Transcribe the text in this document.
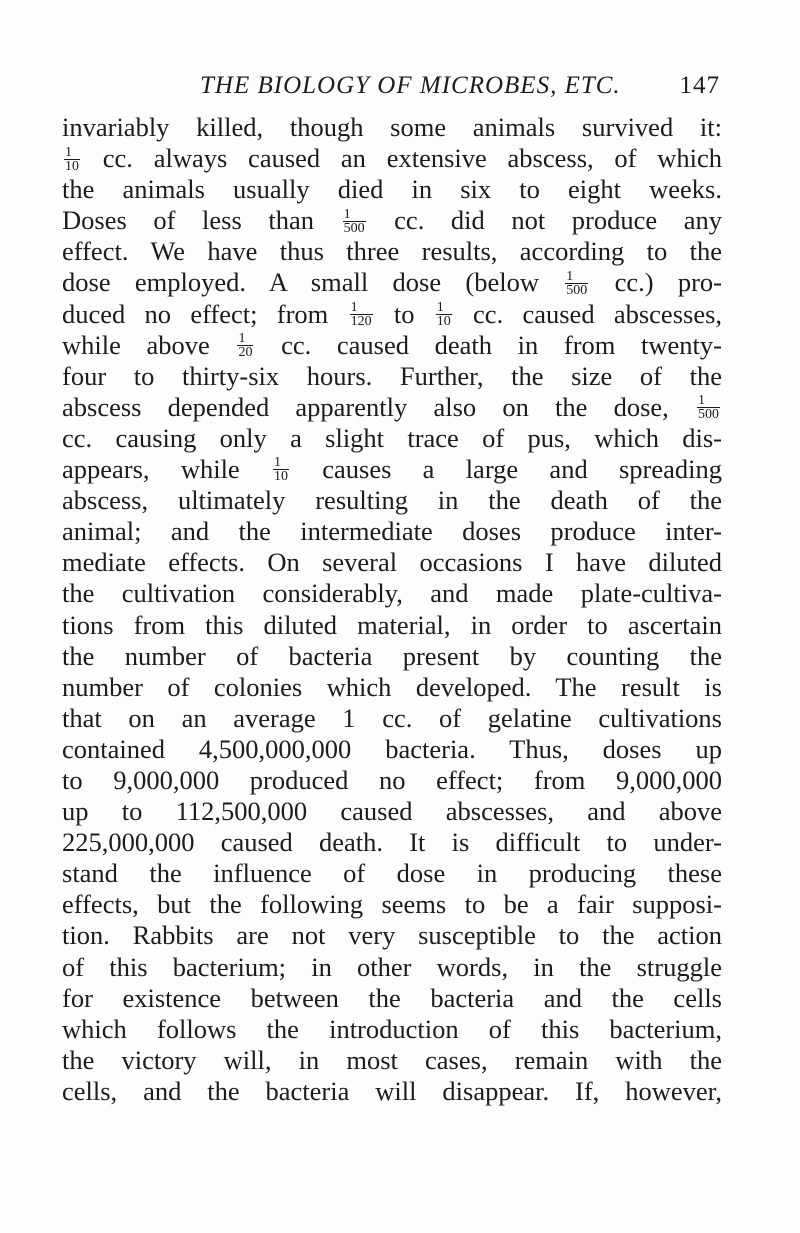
THE BIOLOGY OF MICROBES, ETC. 147
invariably killed, though some animals survived it:
$\frac{1}{10}$ cc. always caused an extensive abscess, of which
the animals usually died in six to eight weeks.
Doses of less than $\frac{1}{500}$ cc. did not produce any
effect. We have thus three results, according to the
dose employed. A small dose (below $\frac{1}{500} cc$.) pro-
duced no effect; from $\frac{1}{120}$ to $\frac{1}{10}$ cc. caused abscesses,
while above $\frac{1}{20}$ cc. caused death in from twenty-
four to thirty-six hours. Further, the size of the
abscess depended apparently also on the dose, $\frac{1}{500}$
cc. causing only a slight trace of pus, which dis-
appears, while $\frac{1}{10}$ causes a large and spreading
abscess, ultimately resulting in the death of the
animal; and the intermediate doses produce inter-
mediate effects. On several occasions I have diluted
the cultivation considerably, and made plate-cultiva-
tions from this diluted material, in order to ascertain
the number of bacteria present by counting the
number of colonies which developed. The result is
that on an average 1 cc. of gelatine cultivations
contained 4,500,000,000 bacteria. Thus, doses up
to 9,000,000 produced no effect; from 9,000,000
up to 112,500,000 caused abscesses, and above
225,000,000 caused death. It is difficult to under-
stand the influence of dose in producing these
effects, but the following seems to be a fair supposi-
tion. Rabbits are not very susceptible to the action
of this bacterium; in other words, in the struggle
for existence between the bacteria and the cells
which follows the introduction of this bacterium,
the victory will, in most cases, remain with the
cells, and the bacteria will disappear. If, however,
